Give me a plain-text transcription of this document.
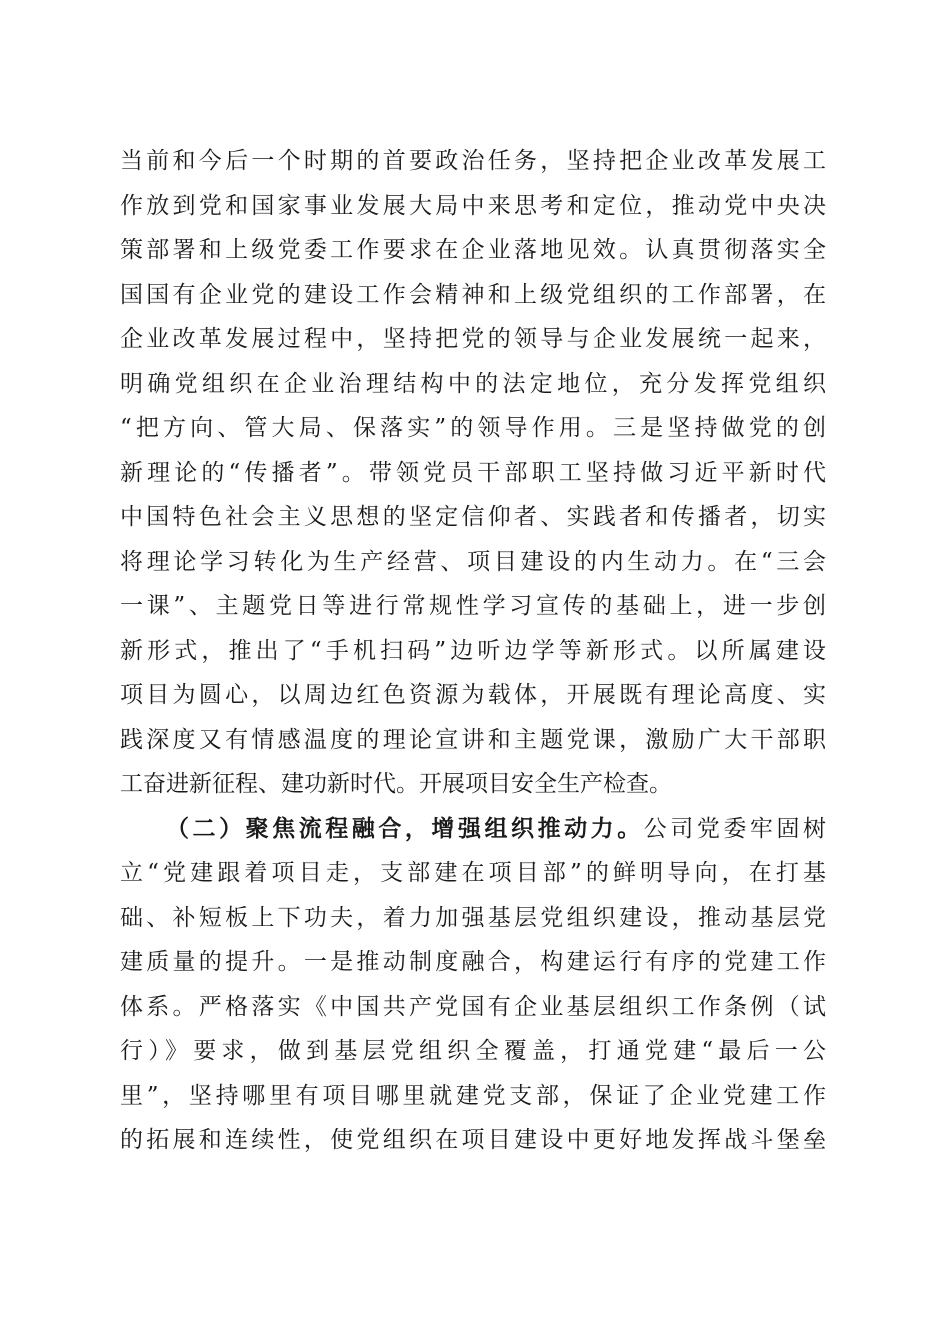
当前和今后一个时期的首要政治任务，坚持把企业改革发展工
作放到党和国家事业发展大局中来思考和定位，推动党中央决
策部署和上级党委工作要求在企业落地见效。认真贯彻落实全
国国有企业党的建设工作会精神和上级党组织的工作部署，在
企业改革发展过程中，坚持把党的领导与企业发展统一起来，
明确党组织在企业治理结构中的法定地位，充分发挥党组织
“把方向、管大局、保落实”的领导作用。三是坚持做党的创
新理论的“传播者”。带领党员干部职工坚持做习近平新时代
中国特色社会主义思想的坚定信仰者、实践者和传播者，切实
将理论学习转化为生产经营、项目建设的内生动力。在“三会
一课”、主题党日等进行常规性学习宣传的基础上，进一步创
新形式，推出了“手机扫码”边听边学等新形式。以所属建设
项目为圆心，以周边红色资源为载体，开展既有理论高度、实
践深度又有情感温度的理论宣讲和主题党课，激励广大干部职
工奋进新征程、建功新时代。开展项目安全生产检查。
（二）聚焦流程融合，增强组织推动力。公司党委牢固树
立“党建跟着项目走，支部建在项目部”的鲜明导向，在打基
础、补短板上下功夫，着力加强基层党组织建设，推动基层党
建质量的提升。一是推动制度融合，构建运行有序的党建工作
体系。严格落实《中国共产党国有企业基层组织工作条例（试
行）》要求，做到基层党组织全覆盖，打通党建“最后一公
里”，坚持哪里有项目哪里就建党支部，保证了企业党建工作
的拓展和连续性，使党组织在项目建设中更好地发挥战斗堡垒
